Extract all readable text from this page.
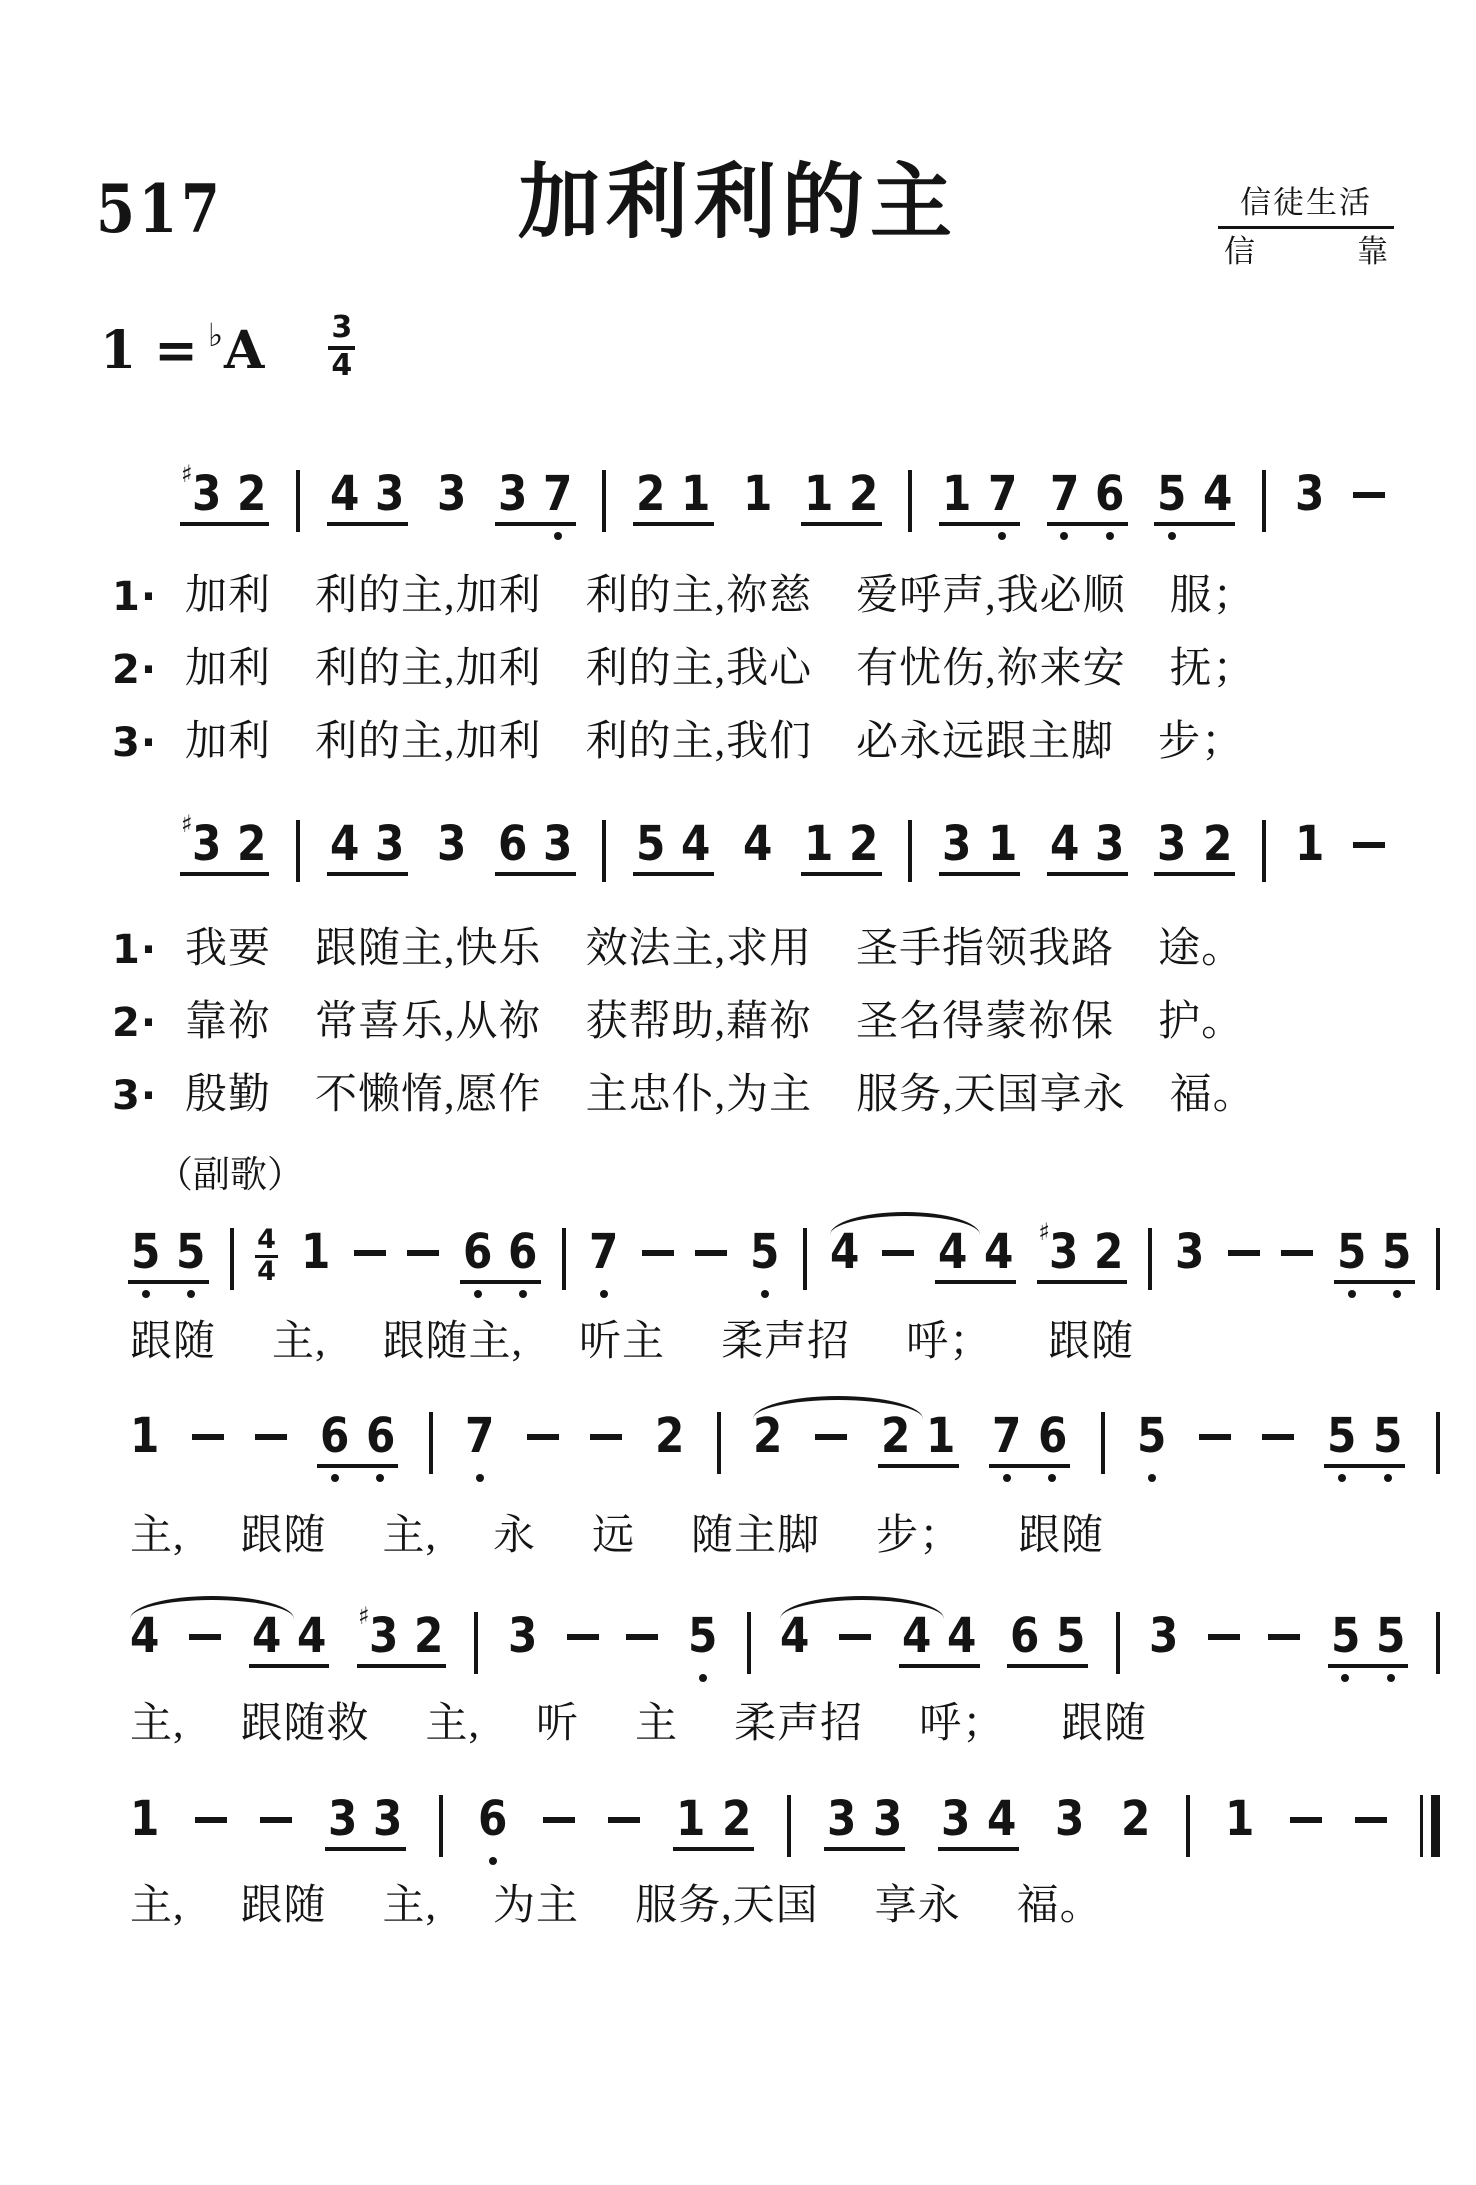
517	加利利的主	信徒生活
信	靠
$1 = ^♭A \frac{3}{4}$
♯ 3 2 4 3 3 3 7 2 1 1 1 2 1 7 7 6 5 4 3
1· 加利 利的主,加利 利的主,祢慈 爱呼声,我必顺 服；
2· 加利 利的主,加利 利的主,我心 有忧伤,祢来安 抚；
3· 加利 利的主,加利 利的主,我们 必永远跟主脚 步；
♯ 3 2 4 3 3 6 3 5 4 4 1 2 3 1 4 3 3 2 1
1· 我要 跟随主,快乐 效法主,求用 圣手指领我路 途。
2· 靠祢 常喜乐,从祢 获帮助,藉祢 圣名得蒙祢保 护。
3· 殷勤 不懒惰,愿作 主忠仆,为主 服务,天国享永 福。
（副歌）
5 $5 \frac{4}{4} 1$	6 6 7	5 4 4 4 ♯ 3 2 3	5 5
跟随 主, 跟随主, 听主 柔声招 呼； 跟随
1	6 6 7	2 2 2 1 7 6 5	5 5
主, 跟随 主, 永 远 随主脚 步； 跟随
4 4 4 ♯ 3 2 3	5 4 4 4 6 5 3	5 5
主, 跟随救 主, 听 主 柔声招 呼； 跟随
1	3 3 6	1 2 3 3 3 4 3 2 1
主, 跟随 主, 为主 服务,天国 享永 福。
